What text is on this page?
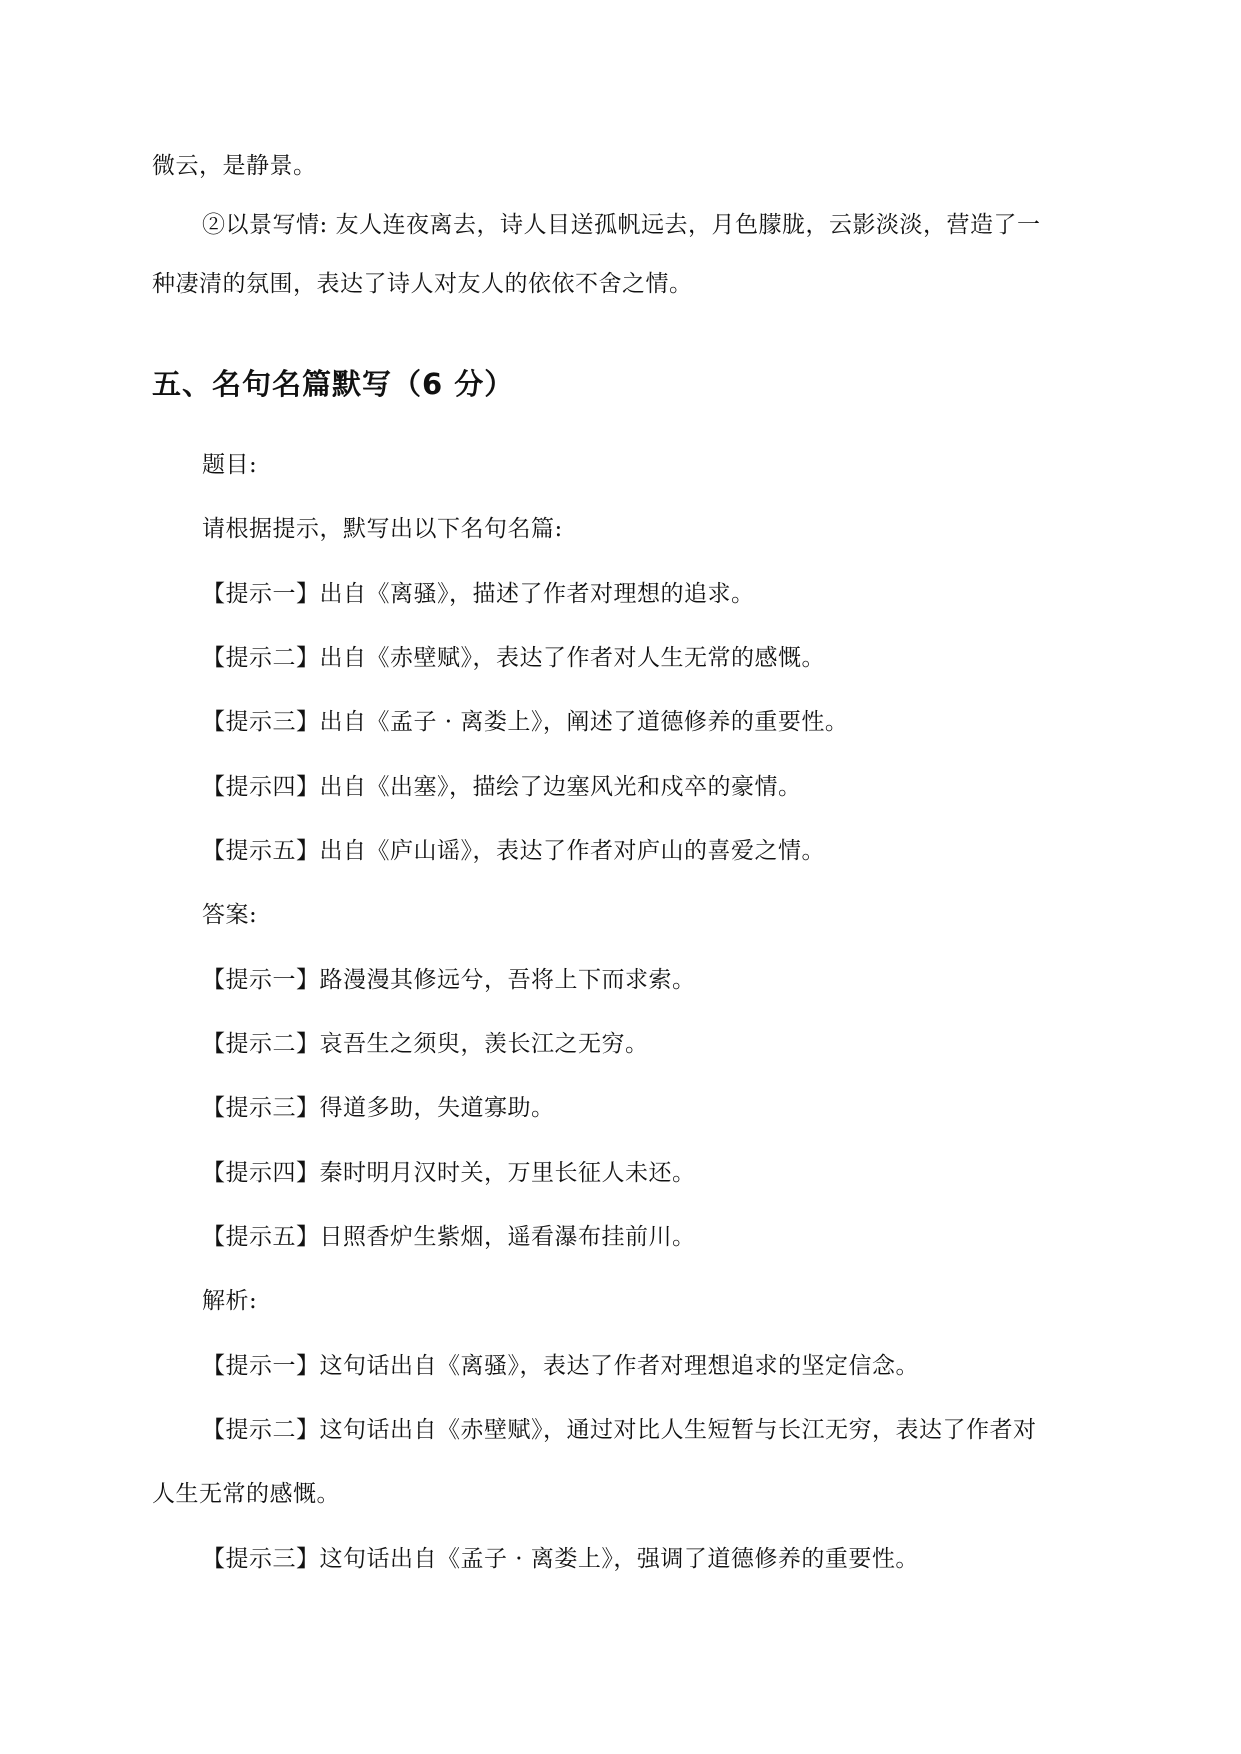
微云，是静景。
②以景写情: 友人连夜离去，诗人目送孤帆远去，月色朦胧，云影淡淡，营造了一
种凄清的氛围，表达了诗人对友人的依依不舍之情。
五、名句名篇默写（6 分）
题目:
请根据提示，默写出以下名句名篇:
【提示一】出自《离骚》，描述了作者对理想的追求。
【提示二】出自《赤壁赋》，表达了作者对人生无常的感慨。
【提示三】出自《孟子 · 离娄上》，阐述了道德修养的重要性。
【提示四】出自《出塞》，描绘了边塞风光和戍卒的豪情。
【提示五】出自《庐山谣》，表达了作者对庐山的喜爱之情。
答案:
【提示一】路漫漫其修远兮，吾将上下而求索。
【提示二】哀吾生之须臾，羡长江之无穷。
【提示三】得道多助，失道寡助。
【提示四】秦时明月汉时关，万里长征人未还。
【提示五】日照香炉生紫烟，遥看瀑布挂前川。
解析:
【提示一】这句话出自《离骚》，表达了作者对理想追求的坚定信念。
【提示二】这句话出自《赤壁赋》，通过对比人生短暂与长江无穷，表达了作者对
人生无常的感慨。
【提示三】这句话出自《孟子 · 离娄上》，强调了道德修养的重要性。
